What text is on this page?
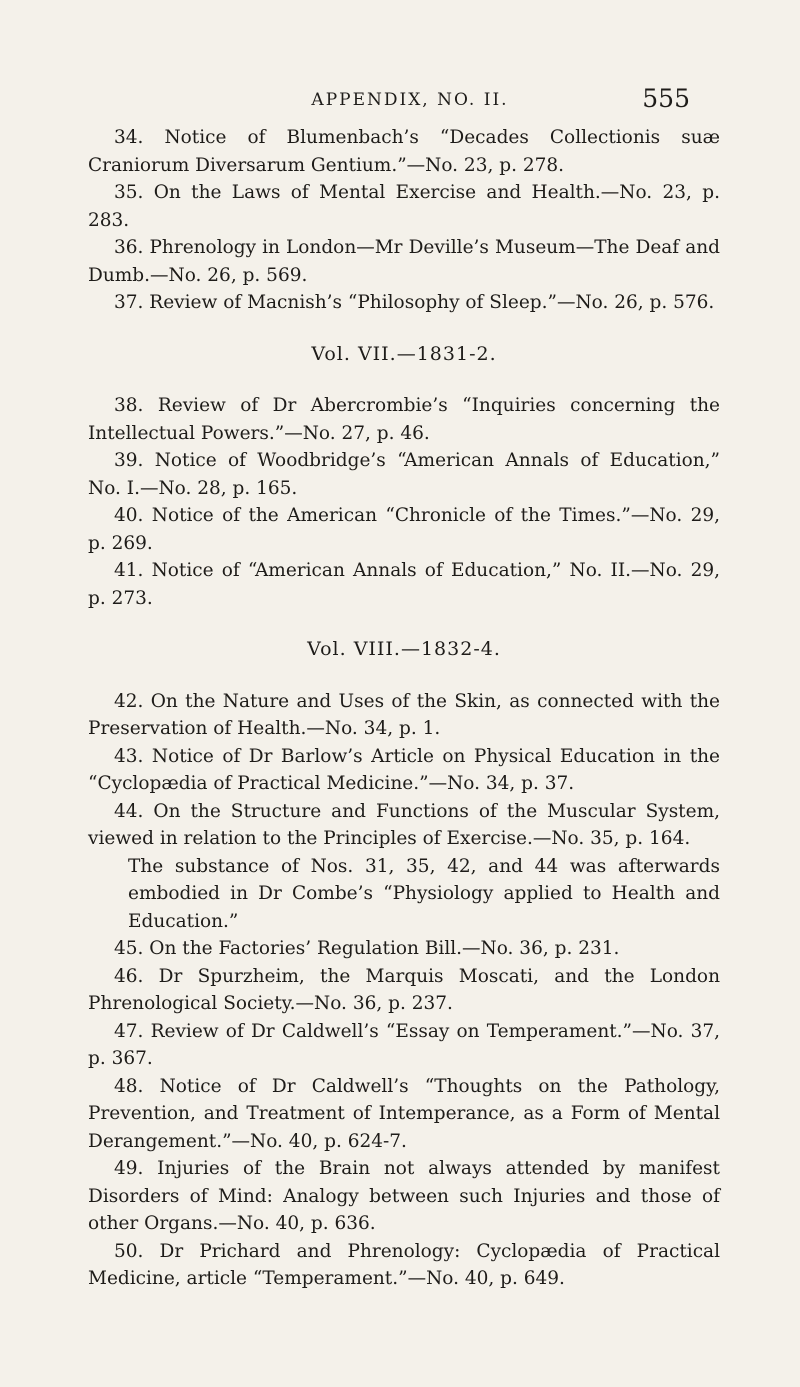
APPENDIX, NO. II.	555

34. Notice of Blumenbach’s “Decades Collectionis suæ Craniorum Diversarum Gentium.”—No. 23, p. 278.

35. On the Laws of Mental Exercise and Health.—No. 23, p. 283.

36. Phrenology in London—Mr Deville’s Museum—The Deaf and Dumb.—No. 26, p. 569.

37. Review of Macnish’s “Philosophy of Sleep.”—No. 26, p. 576.

Vol. VII.—1831-2.

38. Review of Dr Abercrombie’s “Inquiries concerning the Intellectual Powers.”—No. 27, p. 46.

39. Notice of Woodbridge’s “American Annals of Education,” No. I.—No. 28, p. 165.

40. Notice of the American “Chronicle of the Times.”—No. 29, p. 269.

41. Notice of “American Annals of Education,” No. II.—No. 29, p. 273.

Vol. VIII.—1832-4.

42. On the Nature and Uses of the Skin, as connected with the Preservation of Health.—No. 34, p. 1.

43. Notice of Dr Barlow’s Article on Physical Education in the “Cyclopædia of Practical Medicine.”—No. 34, p. 37.

44. On the Structure and Functions of the Muscular System, viewed in relation to the Principles of Exercise.—No. 35, p. 164.

The substance of Nos. 31, 35, 42, and 44 was afterwards embodied in Dr Combe’s “Physiology applied to Health and Education.”

45. On the Factories’ Regulation Bill.—No. 36, p. 231.

46. Dr Spurzheim, the Marquis Moscati, and the London Phrenological Society.—No. 36, p. 237.

47. Review of Dr Caldwell’s “Essay on Temperament.”—No. 37, p. 367.

48. Notice of Dr Caldwell’s “Thoughts on the Pathology, Prevention, and Treatment of Intemperance, as a Form of Mental Derangement.”—No. 40, p. 624-7.

49. Injuries of the Brain not always attended by manifest Disorders of Mind: Analogy between such Injuries and those of other Organs.—No. 40, p. 636.

50. Dr Prichard and Phrenology: Cyclopædia of Practical Medicine, article “Temperament.”—No. 40, p. 649.
